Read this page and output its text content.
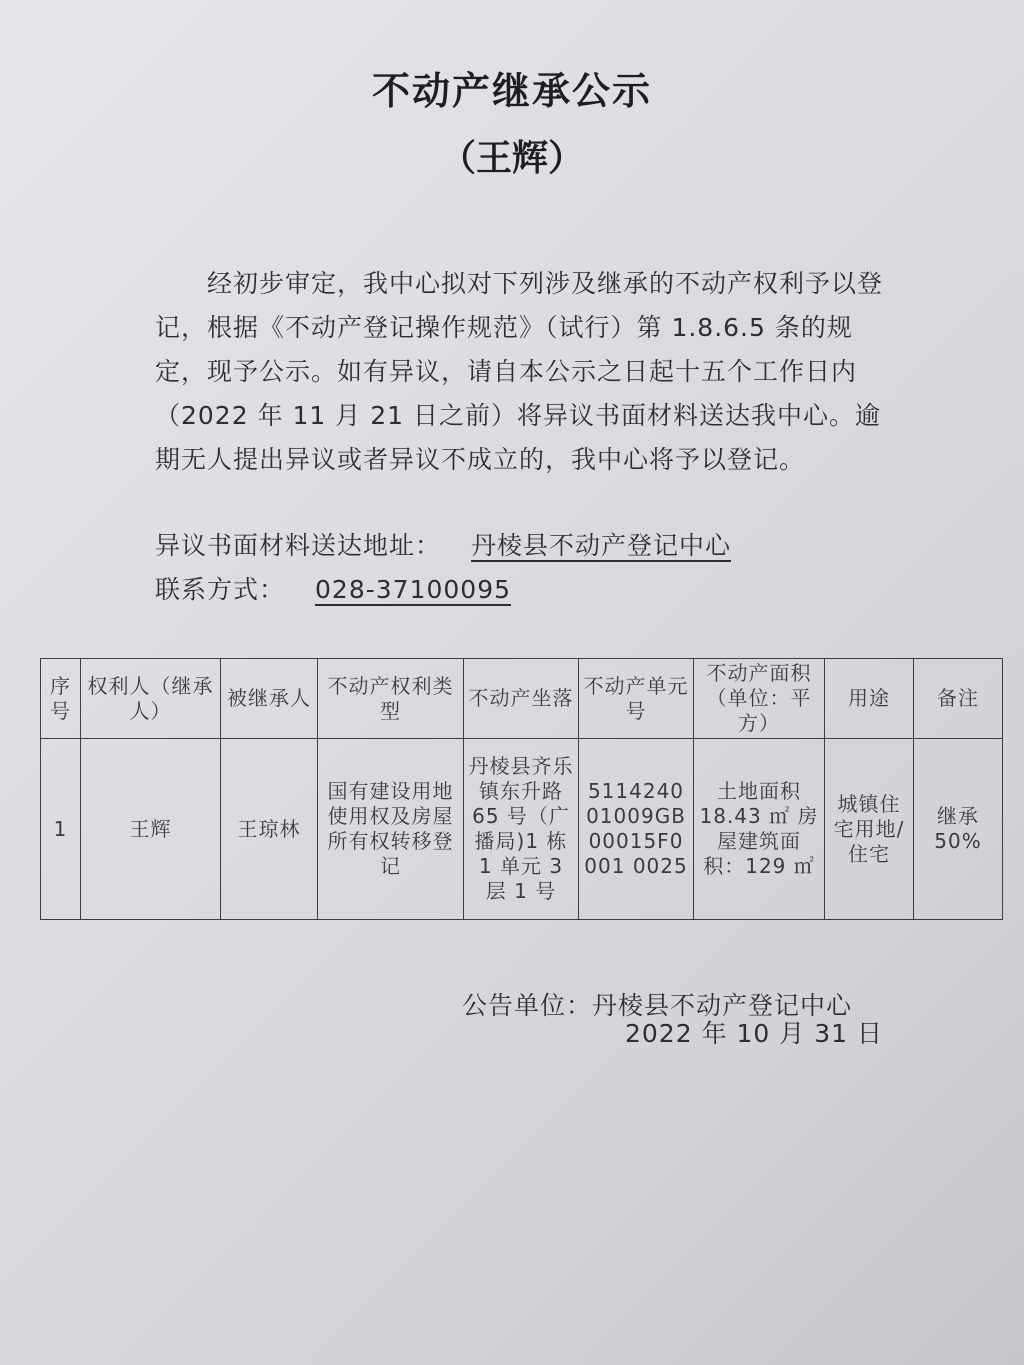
不动产继承公示
（王辉）
经初步审定，我中心拟对下列涉及继承的不动产权利予以登记，根据《不动产登记操作规范》（试行）第 1.8.6.5 条的规定，现予公示。如有异议，请自本公示之日起十五个工作日内（2022 年 11 月 21 日之前）将异议书面材料送达我中心。逾期无人提出异议或者异议不成立的，我中心将予以登记。
异议书面材料送达地址： 丹棱县不动产登记中心
联系方式： 028-37100095
序号	权利人（继承人）	被继承人	不动产权利类型	不动产坐落	不动产单元号	不动产面积（单位：平方）	用途	备注
1	王辉	王琼林	国有建设用地使用权及房屋所有权转移登记	丹棱县齐乐镇东升路 65 号（广播局)1 栋 1 单元 3 层 1 号	511424001009GB00015F0001 0025	土地面积 18.43 ㎡ 房屋建筑面积：129 ㎡	城镇住宅用地/住宅	继承 50%
公告单位：丹棱县不动产登记中心
2022 年 10 月 31 日
